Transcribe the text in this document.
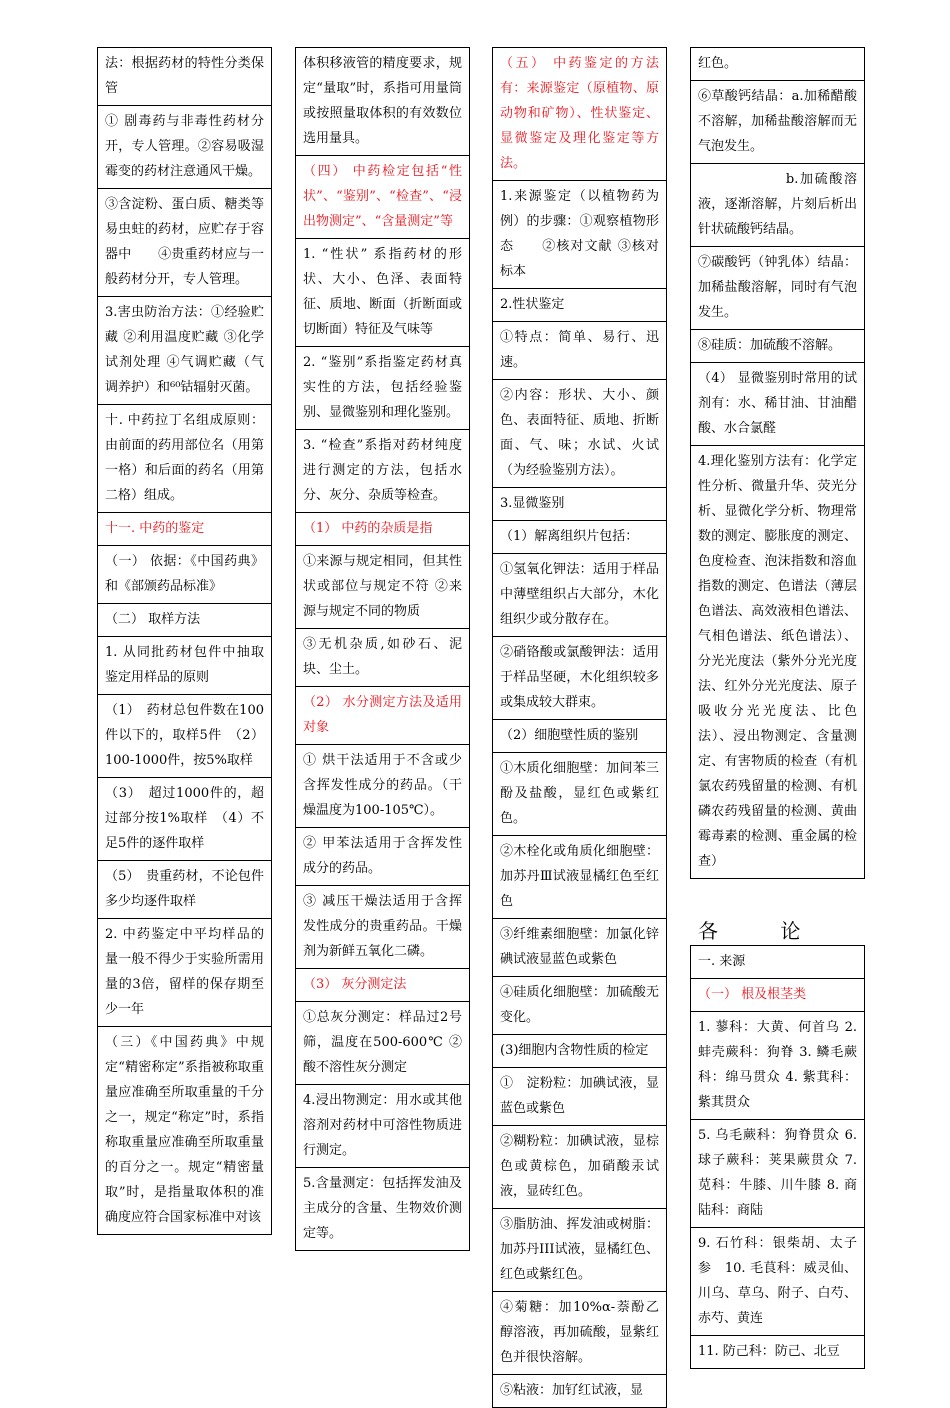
法：根据药材的特性分类保管
① 剧毒药与非毒性药材分开，专人管理。②容易吸湿霉变的药材注意通风干燥。
③含淀粉、蛋白质、糖类等易虫蛀的药材，应贮存于容器中　　④贵重药材应与一般药材分开，专人管理。
3.害虫防治方法：①经验贮藏 ②利用温度贮藏 ③化学试剂处理 ④气调贮藏（气调养护）和⁶⁰钴辐射灭菌。
十. 中药拉丁名组成原则：由前面的药用部位名（用第一格）和后面的药名（用第二格）组成。
十一. 中药的鉴定
（一） 依据：《中国药典》和《部颁药品标准》
（二） 取样方法
1. 从同批药材包件中抽取鉴定用样品的原则
（1）　药材总包件数在100件以下的，取样5件　（2）100-1000件，按5%取样
（3）　超过1000件的，超过部分按1%取样　（4）不足5件的逐件取样
（5）　贵重药材，不论包件多少均逐件取样
2. 中药鉴定中平均样品的量一般不得少于实验所需用量的3倍，留样的保存期至少一年
（三）《中国药典》中规定“精密称定”系指被称取重量应准确至所取重量的千分之一，规定“称定”时，系指称取重量应准确至所取重量的百分之一。规定“精密量取”时，是指量取体积的准确度应符合国家标准中对该
体积移液管的精度要求，规定“量取”时，系指可用量筒或按照量取体积的有效数位选用量具。
（四） 中药检定包括“性状”、“鉴别”、“检查”、“浸出物测定”、“含量测定”等
1. “性状” 系指药材的形状、大小、色泽、表面特征、质地、断面（折断面或切断面）特征及气味等
2. “鉴别”系指鉴定药材真实性的方法，包括经验鉴别、显微鉴别和理化鉴别。
3. “检查”系指对药材纯度进行测定的方法，包括水分、灰分、杂质等检查。
（1） 中药的杂质是指
①来源与规定相同，但其性状或部位与规定不符 ②来源与规定不同的物质
③无机杂质,如砂石、泥块、尘土。
（2） 水分测定方法及适用对象
① 烘干法适用于不含或少含挥发性成分的药品。（干燥温度为100-105℃）。
② 甲苯法适用于含挥发性成分的药品。
③ 减压干燥法适用于含挥发性成分的贵重药品。干燥剂为新鲜五氧化二磷。
（3） 灰分测定法
①总灰分测定：样品过2号筛，温度在500-600℃ ②酸不溶性灰分测定
4.浸出物测定：用水或其他溶剂对药材中可溶性物质进行测定。
5.含量测定：包括挥发油及主成分的含量、生物效价测定等。
（五） 中药鉴定的方法有：来源鉴定（原植物、原动物和矿物）、性状鉴定、显微鉴定及理化鉴定等方法。
1.来源鉴定（以植物药为例）的步骤：①观察植物形态　　②核对文献 ③核对标本
2.性状鉴定
①特点：简单、易行、迅速。
②内容：形状、大小、颜色、表面特征、质地、折断面、气、味；水试、火试（为经验鉴别方法）。
3.显微鉴别
（1）解离组织片包括：
①氢氧化钾法：适用于样品中薄壁组织占大部分，木化组织少或分散存在。
②硝铬酸或氯酸钾法：适用于样品坚硬，木化组织较多或集成较大群束。
（2）细胞壁性质的鉴别
①木质化细胞壁：加间苯三酚及盐酸，显红色或紫红色。
②木栓化或角质化细胞壁：加苏丹Ⅲ试液显橘红色至红色
③纤维素细胞壁：加氯化锌碘试液显蓝色或紫色
④硅质化细胞壁：加硫酸无变化。
(3)细胞内含物性质的检定
①　淀粉粒：加碘试液，显蓝色或紫色
②糊粉粒：加碘试液，显棕色或黄棕色，加硝酸汞试液，显砖红色。
③脂肪油、挥发油或树脂：加苏丹III试液，显橘红色、红色或紫红色。
④菊糖：加10%α-萘酚乙醇溶液，再加硫酸，显紫红色并很快溶解。
⑤粘液：加钌红试液，显
红色。
⑥草酸钙结晶：a.加稀醋酸不溶解，加稀盐酸溶解而无气泡发生。
　　　　　　b.加硫酸溶液，逐渐溶解，片刻后析出针状硫酸钙结晶。
⑦碳酸钙（钟乳体）结晶：加稀盐酸溶解，同时有气泡发生。
⑧硅质：加硫酸不溶解。
（4） 显微鉴别时常用的试剂有：水、稀甘油、甘油醋酸、水合氯醛
4.理化鉴别方法有：化学定性分析、微量升华、荧光分析、显微化学分析、物理常数的测定、膨胀度的测定、色度检查、泡沫指数和溶血指数的测定、色谱法（薄层色谱法、高效液相色谱法、气相色谱法、纸色谱法）、分光光度法（紫外分光光度法、红外分光光度法、原子吸收分光光度法、比色法）、浸出物测定、含量测定、有害物质的检查（有机氯农药残留量的检测、有机磷农药残留量的检测、黄曲霉毒素的检测、重金属的检查）
各 论
一. 来源
（一） 根及根茎类
1. 蓼科：大黄、何首乌 2. 蚌壳蕨科：狗脊 3. 鳞毛蕨科：绵马贯众 4. 紫萁科：紫萁贯众
5. 乌毛蕨科：狗脊贯众 6. 球子蕨科：荚果蕨贯众 7. 苋科：牛膝、川牛膝 8. 商陆科：商陆
9. 石竹科：银柴胡、太子参　10. 毛茛科：威灵仙、川乌、草乌、附子、白芍、赤芍、黄连
11. 防己科：防己、北豆
